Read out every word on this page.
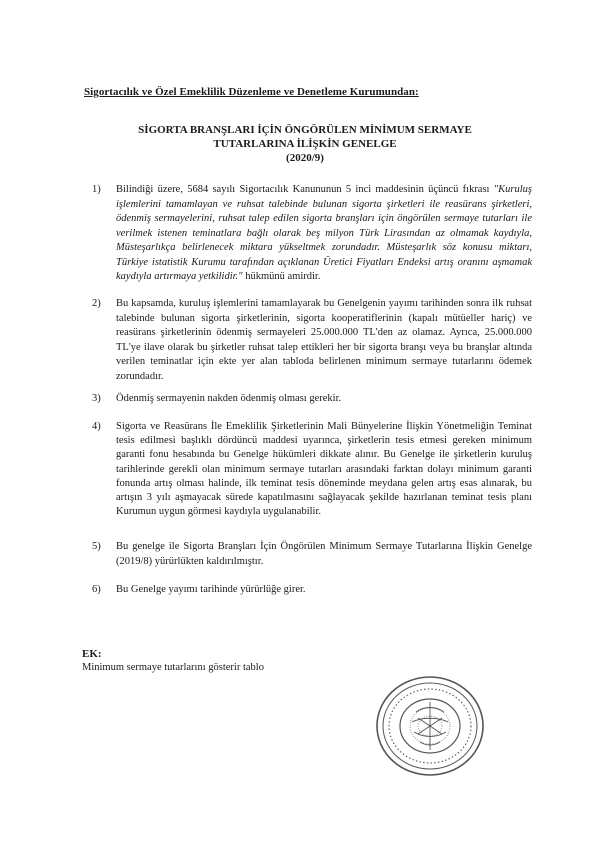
Sigortacılık ve Özel Emeklilik Düzenleme ve Denetleme Kurumundan:
SİGORTA BRANŞLARI İÇİN ÖNGÖRÜLEN MİNİMUM SERMAYE
TUTARLARINA İLİŞKİN GENELGE
(2020/9)
1) Bilindiği üzere, 5684 sayılı Sigortacılık Kanununun 5 inci maddesinin üçüncü fıkrası "Kuruluş işlemlerini tamamlayan ve ruhsat talebinde bulunan sigorta şirketleri ile reasürans şirketleri, ödenmiş sermayelerini, ruhsat talep edilen sigorta branşları için öngörülen sermaye tutarları ile verilmek istenen teminatlara bağlı olarak beş milyon Türk Lirasından az olmamak kaydıyla, Müsteşarlıkça belirlenecek miktara yükseltmek zorundadır. Müsteşarlık söz konusu miktarı, Türkiye istatistik Kurumu tarafından açıklanan Üretici Fiyatları Endeksi artış oranını aşmamak kaydıyla artırmaya yetkilidir." hükmünü amirdir.
2) Bu kapsamda, kuruluş işlemlerini tamamlayarak bu Genelgenin yayımı tarihinden sonra ilk ruhsat talebinde bulunan sigorta şirketlerinin, sigorta kooperatiflerinin (kapalı mütüeller hariç) ve reasürans şirketlerinin ödenmiş sermayeleri 25.000.000 TL'den az olamaz. Ayrıca, 25.000.000 TL'ye ilave olarak bu şirketler ruhsat talep ettikleri her bir sigorta branşı veya bu branşlar altında verilen teminatlar için ekte yer alan tabloda belirlenen minimum sermaye tutarlarını ödemek zorundadır.
3) Ödenmiş sermayenin nakden ödenmiş olması gerekir.
4) Sigorta ve Reasürans İle Emeklilik Şirketlerinin Mali Bünyelerine İlişkin Yönetmeliğin Teminat tesis edilmesi başlıklı dördüncü maddesi uyarınca, şirketlerin tesis etmesi gereken minimum garanti fonu hesabında bu Genelge hükümleri dikkate alınır. Bu Genelge ile şirketlerin kuruluş tarihlerinde gerekli olan minimum sermaye tutarları arasındaki farktan dolayı minimum garanti fonunda artış olması halinde, ilk teminat tesis döneminde meydana gelen artış esas alınarak, bu artışın 3 yılı aşmayacak sürede kapatılmasını sağlayacak şekilde hazırlanan teminat tesis planı Kurumun uygun görmesi kaydıyla uygulanabilir.
5) Bu genelge ile Sigorta Branşları İçin Öngörülen Minimum Sermaye Tutarlarına İlişkin Genelge (2019/8) yürürlükten kaldırılmıştır.
6) Bu Genelge yayımı tarihinde yürürlüğe girer.
EK:
Minimum sermaye tutarlarını gösterir tablo
